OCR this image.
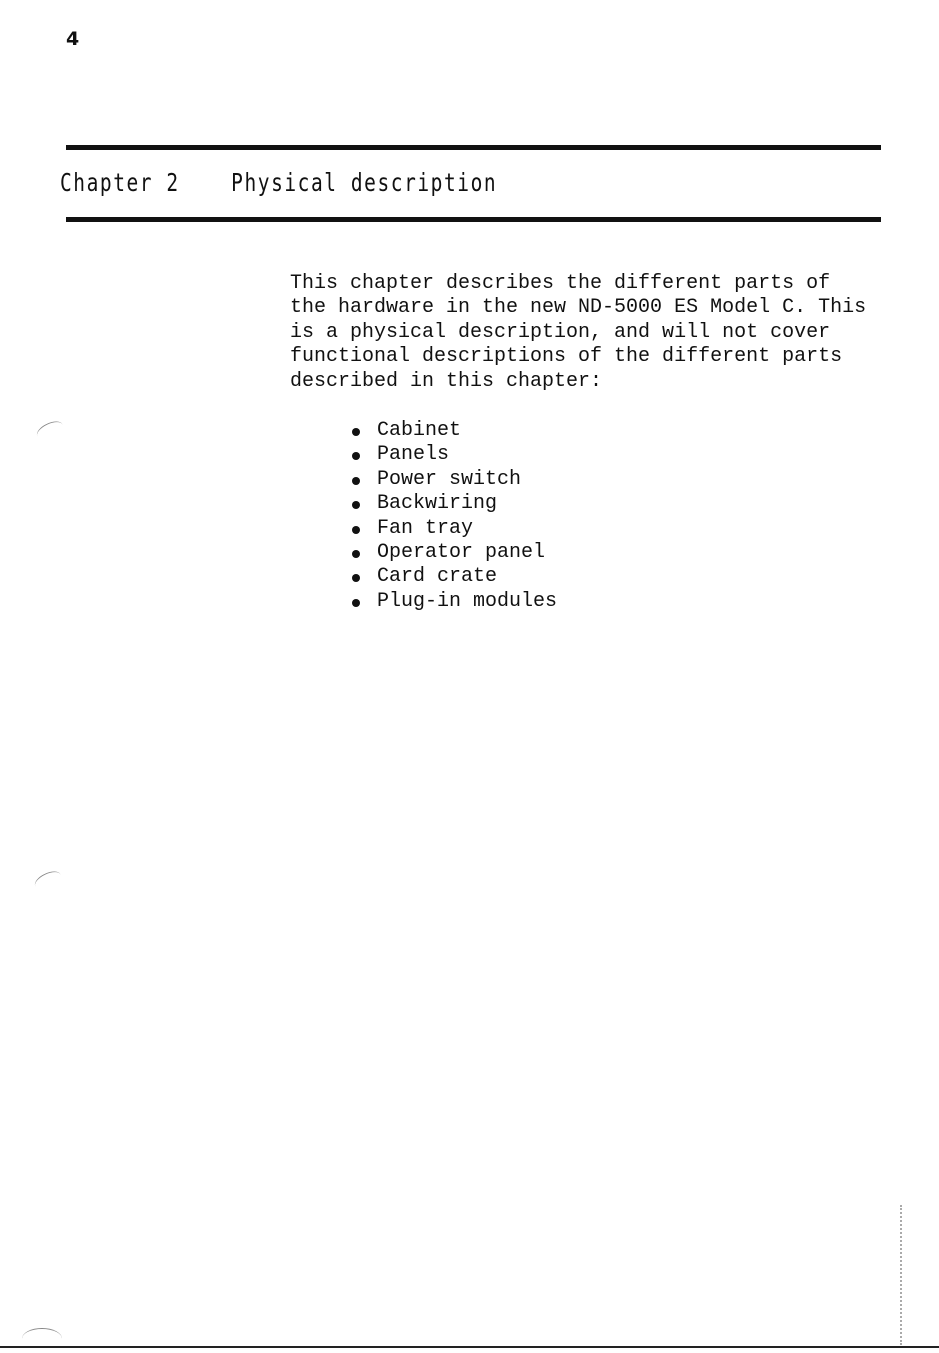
4
Chapter 2 Physical description

This chapter describes the different parts of
the hardware in the new ND-5000 ES Model C. This
is a physical description, and will not cover
functional descriptions of the different parts
described in this chapter:

Cabinet
Panels
Power switch
Backwiring
Fan tray
Operator panel
Card crate
Plug-in modules
